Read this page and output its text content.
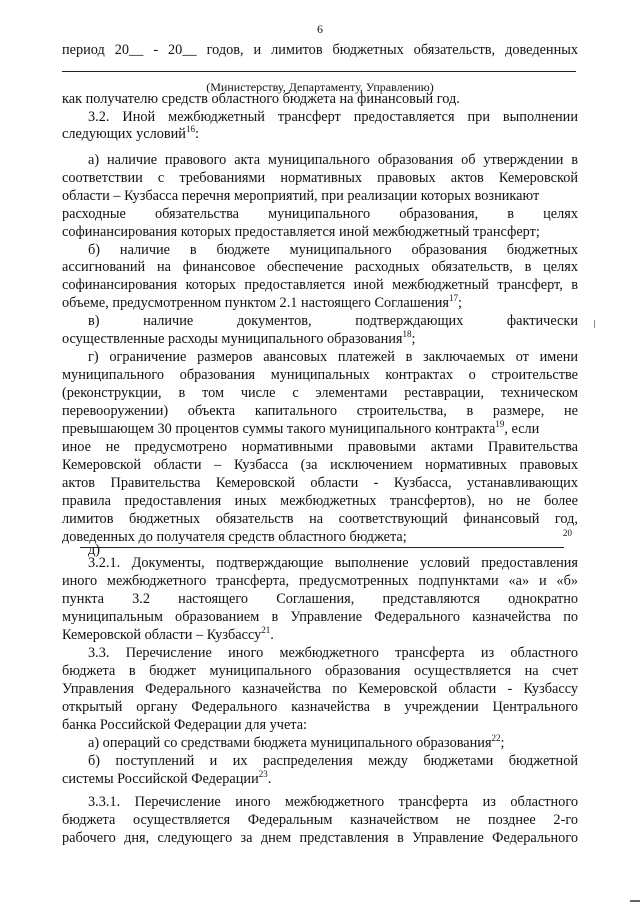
6
период 20__ - 20__ годов, и лимитов бюджетных обязательств, доведенных
(Министерству, Департаменту, Управлению)
как получателю средств областного бюджета на финансовый год.
3.2. Иной межбюджетный трансферт предоставляется при выполнении
следующих условий$^{16}$:
а) наличие правового акта муниципального образования об утверждении в
соответствии с требованиями нормативных правовых актов Кемеровской
области – Кузбасса перечня мероприятий, при реализации которых возникают
расходные обязательства муниципального образования, в целях
софинансирования которых предоставляется иной межбюджетный трансферт;
б) наличие в бюджете муниципального образования бюджетных
ассигнований на финансовое обеспечение расходных обязательств, в целях
софинансирования которых предоставляется иной межбюджетный трансферт, в
объеме, предусмотренном пунктом 2.1 настоящего Соглашения$^{17}$;
в) наличие документов, подтверждающих фактически
осуществленные расходы муниципального образования$^{18}$;
г) ограничение размеров авансовых платежей в заключаемых от имени
муниципального образования муниципальных контрактах о строительстве
(реконструкции, в том числе с элементами реставрации, техническом
перевооружении) объекта капитального строительства, в размере, не
превышающем 30 процентов суммы такого муниципального контракта$^{19}$, если
иное не предусмотрено нормативными правовыми актами Правительства
Кемеровской области – Кузбасса (за исключением нормативных правовых
актов Правительства Кемеровской области - Кузбасса, устанавливающих
правила предоставления иных межбюджетных трансфертов), но не более
лимитов бюджетных обязательств на соответствующий финансовый год,
доведенных до получателя средств областного бюджета;
д)
3.2.1. Документы, подтверждающие выполнение условий предоставления
иного межбюджетного трансферта, предусмотренных подпунктами «а» и «б»
пункта 3.2 настоящего Соглашения, представляются однократно
муниципальным образованием в Управление Федерального казначейства по
Кемеровской области – Кузбассу$^{21}$.
3.3. Перечисление иного межбюджетного трансферта из областного
бюджета в бюджет муниципального образования осуществляется на счет
Управления Федерального казначейства по Кемеровской области - Кузбассу
открытый органу Федерального казначейства в учреждении Центрального
банка Российской Федерации для учета:
а) операций со средствами бюджета муниципального образования$^{22}$;
б) поступлений и их распределения между бюджетами бюджетной
системы Российской Федерации$^{23}$.
3.3.1. Перечисление иного межбюджетного трансферта из областного
бюджета осуществляется Федеральным казначейством не позднее 2-го
рабочего дня, следующего за днем представления в Управление Федерального
20
